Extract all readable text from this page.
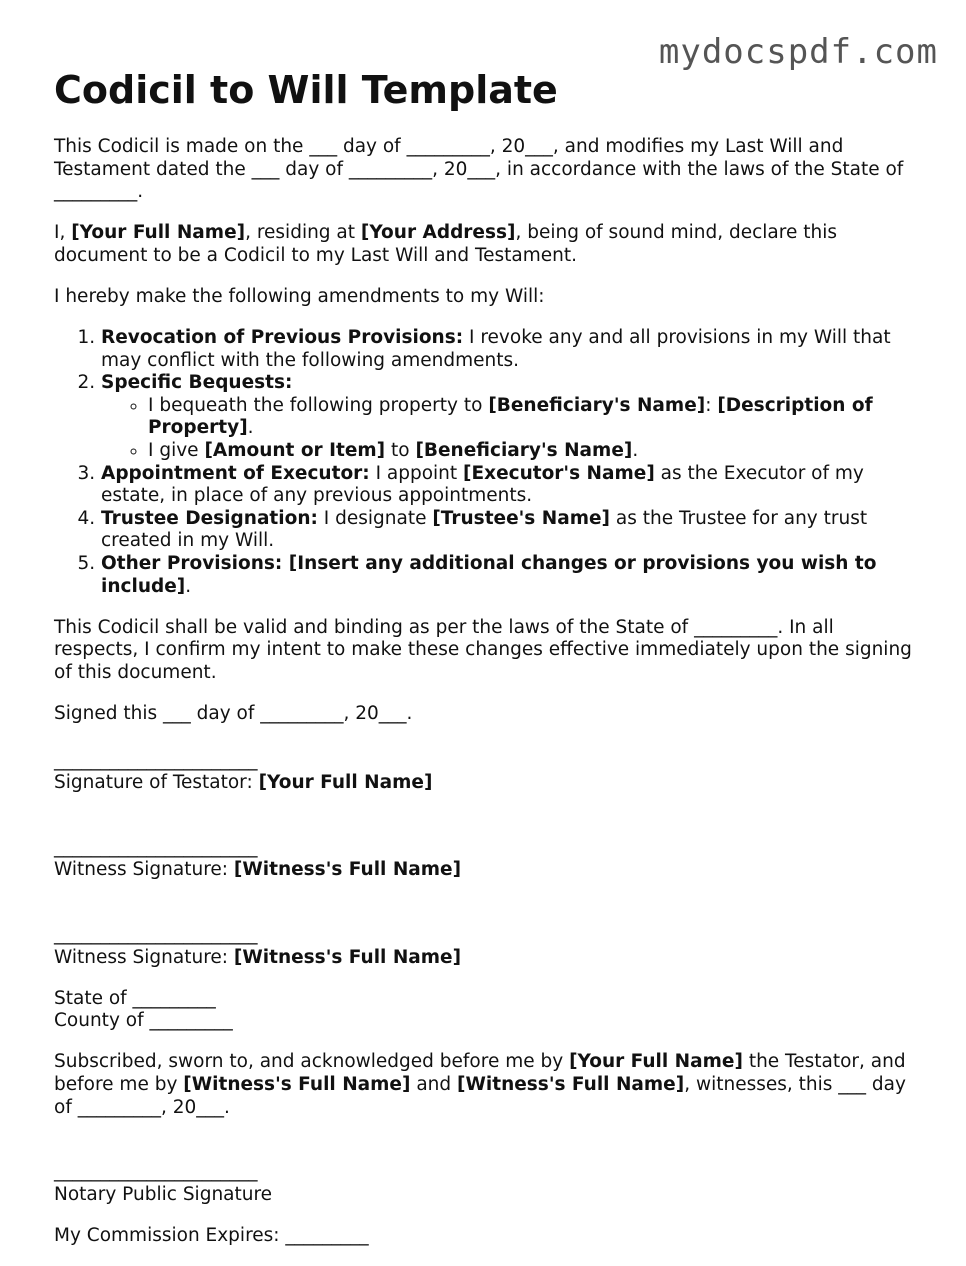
mydocspdf.com
Codicil to Will Template

This Codicil is made on the ___ day of _________, 20___, and modifies my Last Will and Testament dated the ___ day of _________, 20___, in accordance with the laws of the State of _________.

I, [Your Full Name], residing at [Your Address], being of sound mind, declare this document to be a Codicil to my Last Will and Testament.

I hereby make the following amendments to my Will:

1. Revocation of Previous Provisions: I revoke any and all provisions in my Will that may conflict with the following amendments.
2. Specific Bequests:
◦ I bequeath the following property to [Beneficiary's Name]: [Description of Property].
◦ I give [Amount or Item] to [Beneficiary's Name].
3. Appointment of Executor: I appoint [Executor's Name] as the Executor of my estate, in place of any previous appointments.
4. Trustee Designation: I designate [Trustee's Name] as the Trustee for any trust created in my Will.
5. Other Provisions: [Insert any additional changes or provisions you wish to include].

This Codicil shall be valid and binding as per the laws of the State of _________. In all respects, I confirm my intent to make these changes effective immediately upon the signing of this document.

Signed this ___ day of _________, 20___.

______________________
Signature of Testator: [Your Full Name]
______________________
Witness Signature: [Witness's Full Name]
______________________
Witness Signature: [Witness's Full Name]

State of _________
County of _________

Subscribed, sworn to, and acknowledged before me by [Your Full Name] the Testator, and before me by [Witness's Full Name] and [Witness's Full Name], witnesses, this ___ day of _________, 20___.

______________________
Notary Public Signature

My Commission Expires: _________
